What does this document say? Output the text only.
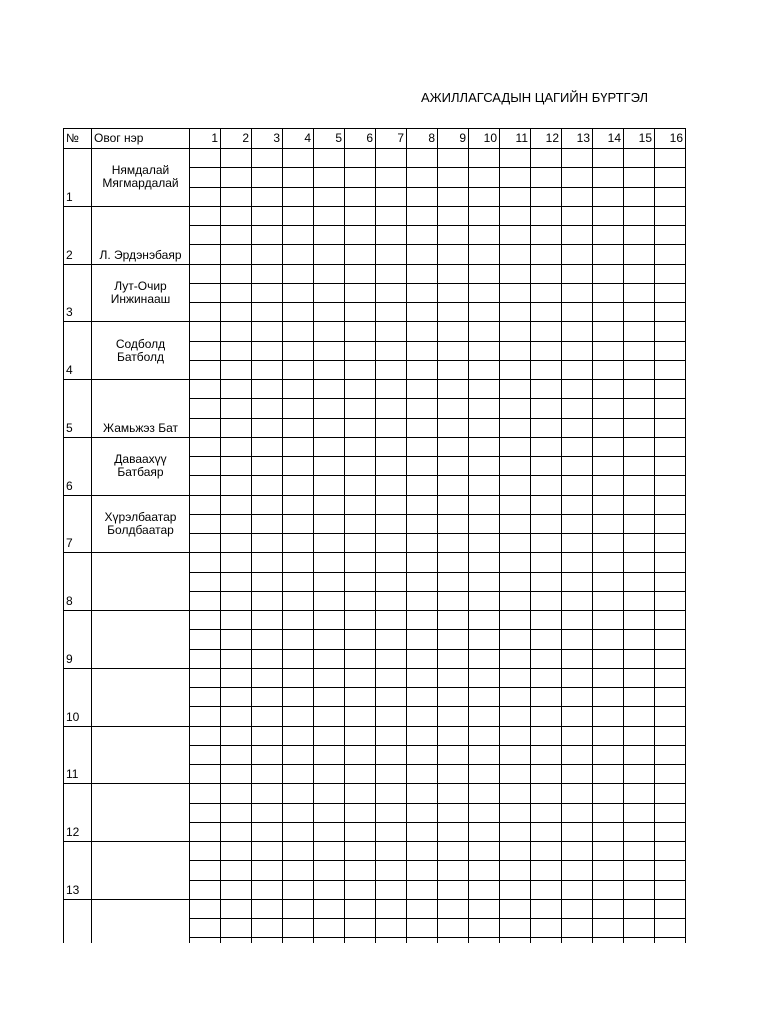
АЖИЛЛАГСАДЫН ЦАГИЙН БҮРТГЭЛ
№	Овог нэр	1	2	3	4	5	6	7	8	9	10	11	12	13	14	15	16
1	Нямдалай
Мягмардалай																

2	Л. Эрдэнэбаяр																

3	Лут-Очир
Инжинааш																

4	Содболд
Батболд																

5	Жамьжэз Бат																

6	Даваахүү
Батбаяр																

7	Хүрэлбаатар
Болдбаатар																

8																	

9																	

10																	

11																	

12																	

13																	
